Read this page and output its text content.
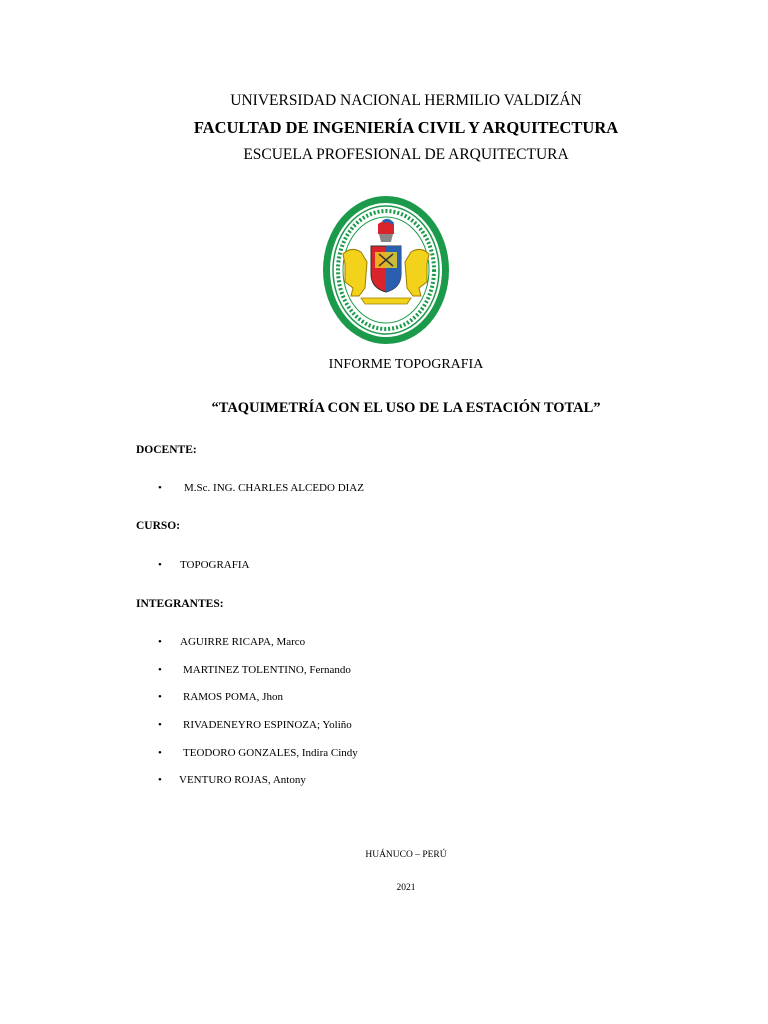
UNIVERSIDAD NACIONAL HERMILIO VALDIZÁN
FACULTAD DE INGENIERÍA CIVIL Y ARQUITECTURA
ESCUELA PROFESIONAL DE ARQUITECTURA
INFORME TOPOGRAFIA
“TAQUIMETRÍA CON EL USO DE LA ESTACIÓN TOTAL”
DOCENTE:
• M.Sc. ING. CHARLES ALCEDO DIAZ
CURSO:
• TOPOGRAFIA
INTEGRANTES:
• AGUIRRE RICAPA, Marco
• MARTINEZ TOLENTINO, Fernando
• RAMOS POMA, Jhon
• RIVADENEYRO ESPINOZA; Yoliño
• TEODORO GONZALES, Indira Cindy
• VENTURO ROJAS, Antony
HUÁNUCO – PERÚ
2021
